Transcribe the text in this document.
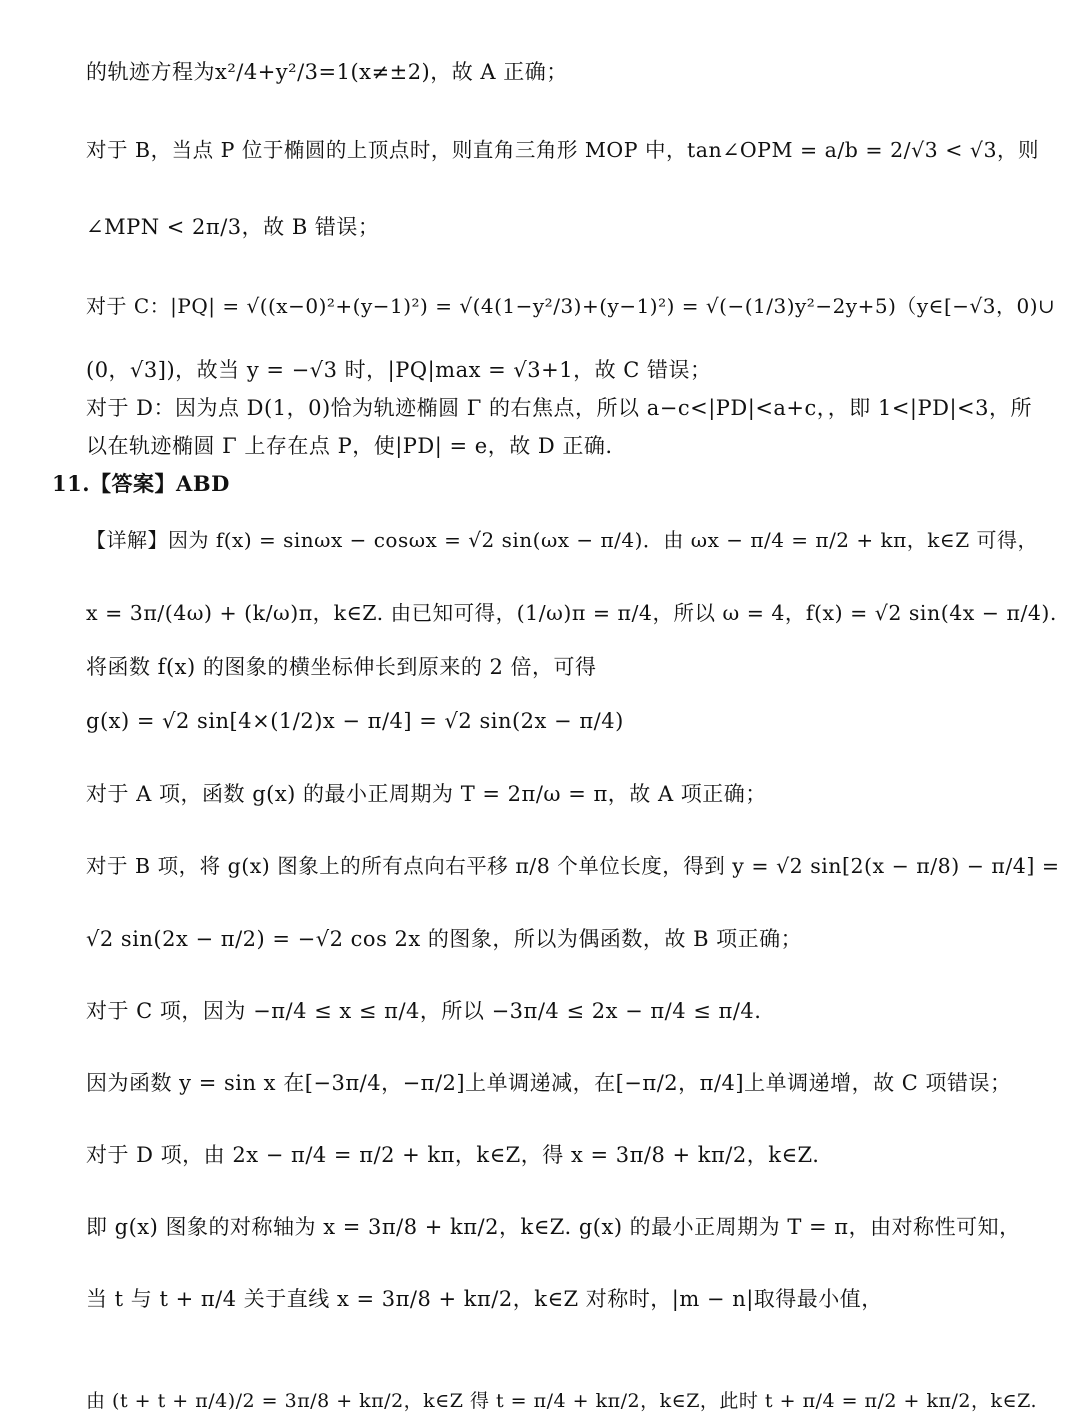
的轨迹方程为x²/4+y²/3=1(x≠±2)，故 A 正确；
对于 B，当点 P 位于椭圆的上顶点时，则直角三角形 MOP 中，tan∠OPM = a/b = 2/√3 < √3，则
∠MPN < 2π/3，故 B 错误；
对于 C：|PQ| = √((x−0)²+(y−1)²) = √(4(1−y²/3)+(y−1)²) = √(−(1/3)y²−2y+5)（y∈[−√3，0)∪
(0，√3])，故当 y = −√3 时，|PQ|max = √3+1，故 C 错误；
对于 D：因为点 D(1，0)恰为轨迹椭圆 Γ 的右焦点，所以 a−c<|PD|<a+c，，即 1<|PD|<3，所
以在轨迹椭圆 Γ 上存在点 P，使|PD| = e，故 D 正确.
11.【答案】ABD
【详解】因为 f(x) = sinωx − cosωx = √2 sin(ωx − π/4)．由 ωx − π/4 = π/2 + kπ，k∈Z 可得，
x = 3π/(4ω) + (k/ω)π，k∈Z. 由已知可得，(1/ω)π = π/4，所以 ω = 4，f(x) = √2 sin(4x − π/4).
将函数 f(x) 的图象的横坐标伸长到原来的 2 倍，可得
g(x) = √2 sin[4×(1/2)x − π/4] = √2 sin(2x − π/4)
对于 A 项，函数 g(x) 的最小正周期为 T = 2π/ω = π，故 A 项正确；
对于 B 项，将 g(x) 图象上的所有点向右平移 π/8 个单位长度，得到 y = √2 sin[2(x − π/8) − π/4] =
√2 sin(2x − π/2) = −√2 cos 2x 的图象，所以为偶函数，故 B 项正确；
对于 C 项，因为 −π/4 ≤ x ≤ π/4，所以 −3π/4 ≤ 2x − π/4 ≤ π/4.
因为函数 y = sin x 在[−3π/4，−π/2]上单调递减，在[−π/2，π/4]上单调递增，故 C 项错误；
对于 D 项，由 2x − π/4 = π/2 + kπ，k∈Z，得 x = 3π/8 + kπ/2，k∈Z.
即 g(x) 图象的对称轴为 x = 3π/8 + kπ/2，k∈Z. g(x) 的最小正周期为 T = π，由对称性可知，
当 t 与 t + π/4 关于直线 x = 3π/8 + kπ/2，k∈Z 对称时，|m − n|取得最小值，
由 (t + t + π/4)/2 = 3π/8 + kπ/2，k∈Z 得 t = π/4 + kπ/2，k∈Z，此时 t + π/4 = π/2 + kπ/2，k∈Z.
